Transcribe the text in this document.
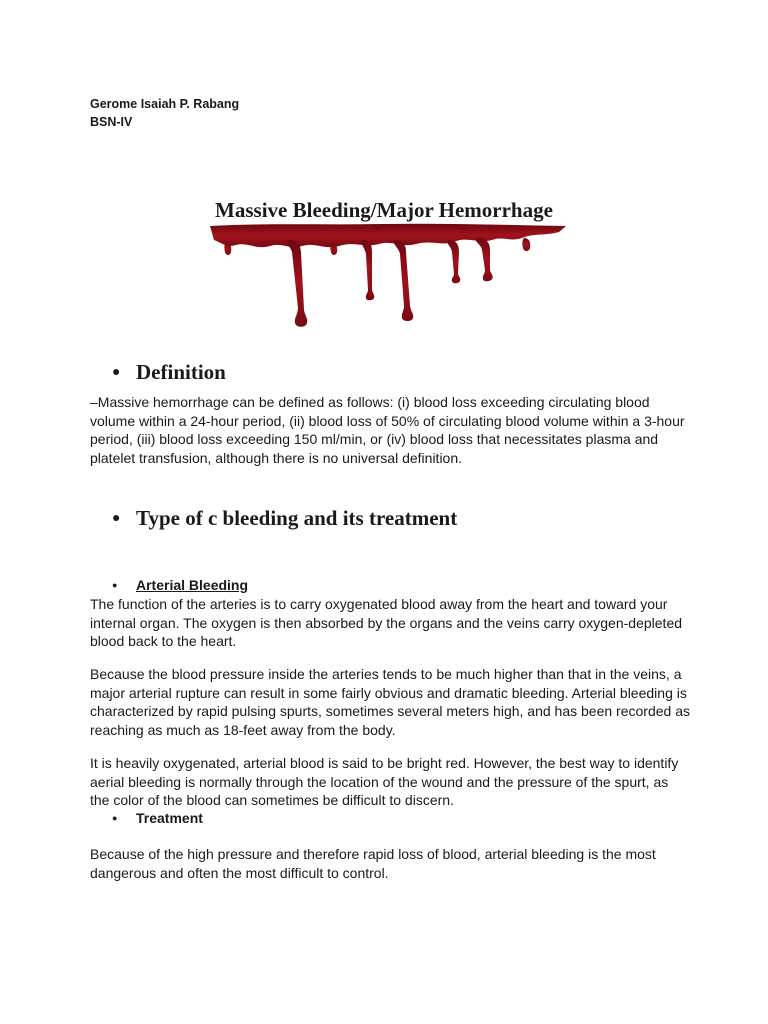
Gerome Isaiah P. Rabang
BSN-IV
Massive Bleeding/Major Hemorrhage
● Definition
–Massive hemorrhage can be defined as follows: (i) blood loss exceeding circulating blood volume within a 24-hour period, (ii) blood loss of 50% of circulating blood volume within a 3-hour period, (iii) blood loss exceeding 150 ml/min, or (iv) blood loss that necessitates plasma and platelet transfusion, although there is no universal definition.
● Type of c bleeding and its treatment
● Arterial Bleeding
The function of the arteries is to carry oxygenated blood away from the heart and toward your internal organ. The oxygen is then absorbed by the organs and the veins carry oxygen-depleted blood back to the heart.
Because the blood pressure inside the arteries tends to be much higher than that in the veins, a major arterial rupture can result in some fairly obvious and dramatic bleeding. Arterial bleeding is characterized by rapid pulsing spurts, sometimes several meters high, and has been recorded as reaching as much as 18-feet away from the body.
It is heavily oxygenated, arterial blood is said to be bright red. However, the best way to identify aerial bleeding is normally through the location of the wound and the pressure of the spurt, as the color of the blood can sometimes be difficult to discern.
● Treatment
Because of the high pressure and therefore rapid loss of blood, arterial bleeding is the most dangerous and often the most difficult to control.
